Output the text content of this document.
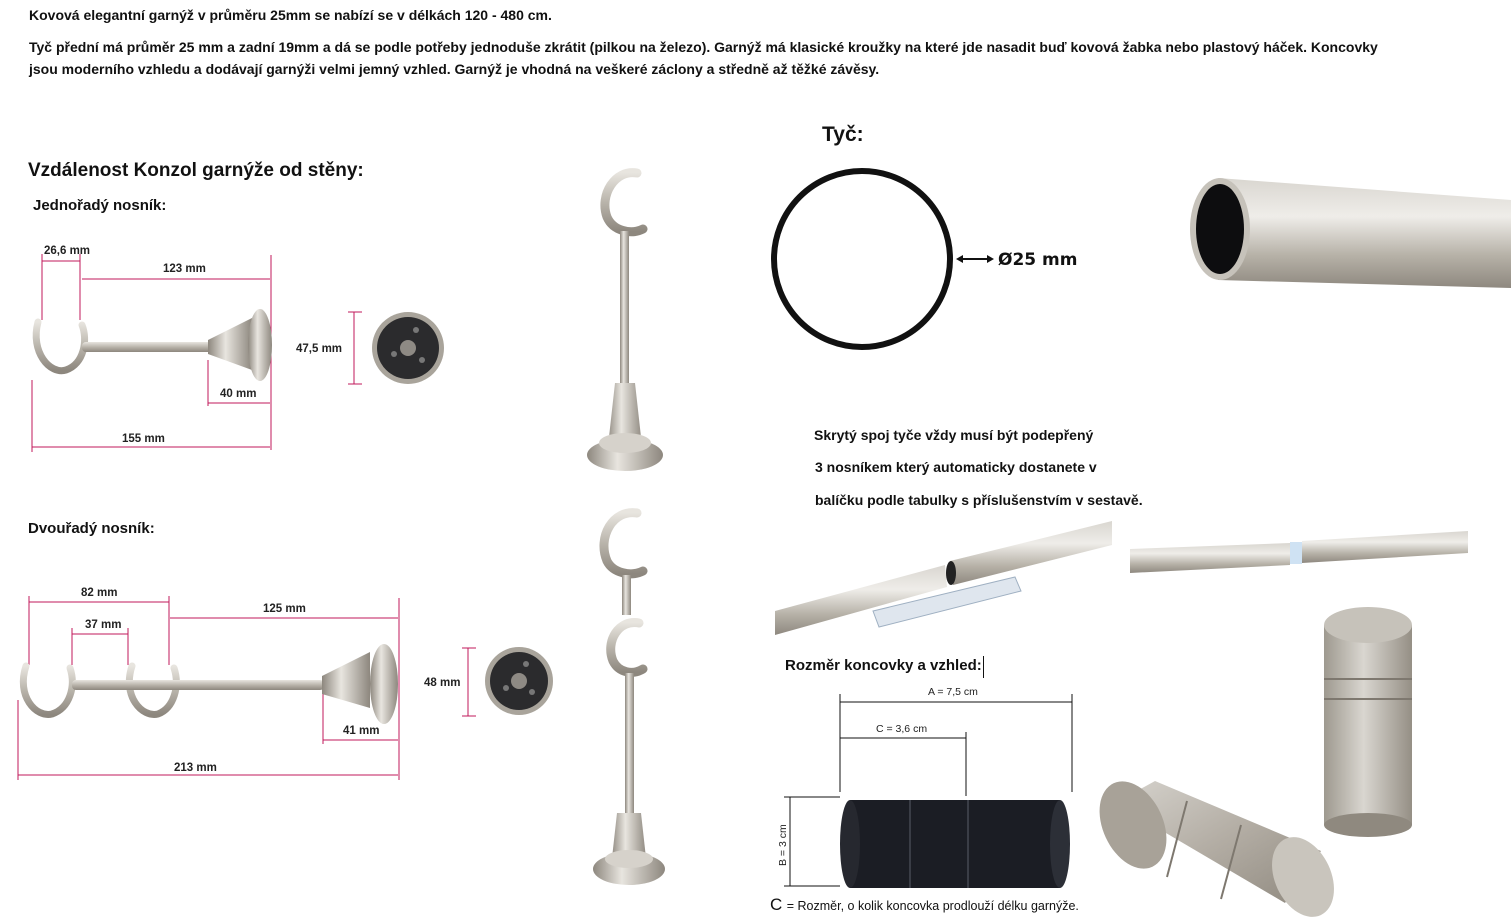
Kovová elegantní garnýž v průměru 25mm se nabízí se v délkách 120 - 480 cm.
Tyč přední má průměr 25 mm a zadní 19mm a dá se podle potřeby jednoduše zkrátit (pilkou na železo). Garnýž má klasické kroužky na které jde nasadit buď kovová žabka nebo plastový háček. Koncovky
jsou moderního vzhledu a dodávají garnýži velmi jemný vzhled. Garnýž je vhodná na veškeré záclony a středně až těžké závěsy.
Vzdálenost Konzol garnýže od stěny:
Jednořadý nosník:
Dvouřadý nosník:
Tyč:
26,6 mm
123 mm
40 mm
155 mm
47,5 mm
82 mm
37 mm
125 mm
41 mm
213 mm
48 mm
Ø25 mm
Skrytý spoj tyče vždy musí být podepřený
3 nosníkem který automaticky dostanete v
balíčku podle tabulky s příslušenstvím v sestavě.
Rozměr koncovky a vzhled:
A = 7,5 cm
C = 3,6 cm
B = 3 cm
C = Rozměr, o kolik koncovka prodlouží délku garnýže.
